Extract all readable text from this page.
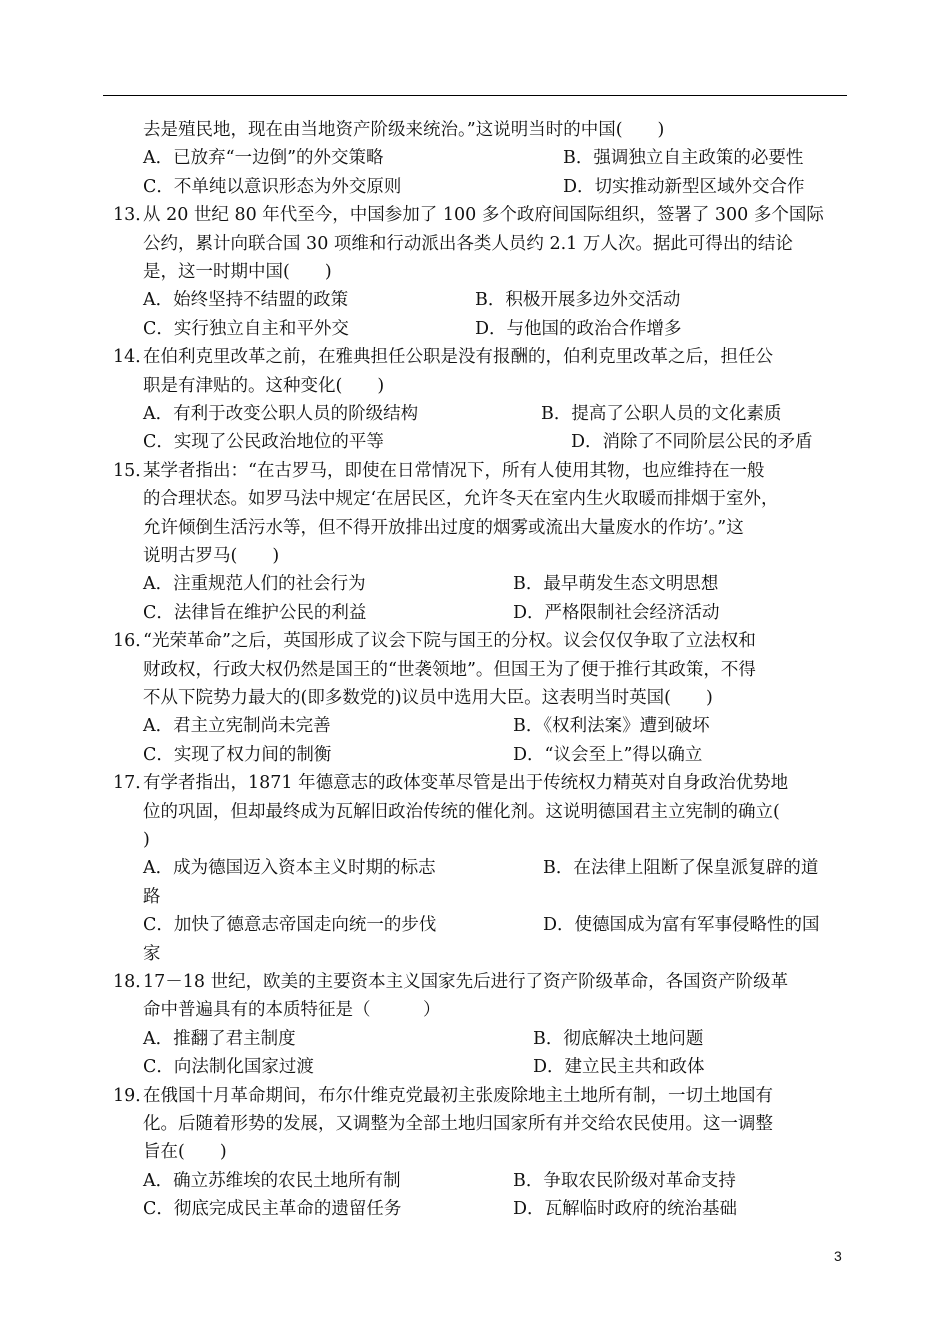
去是殖民地，现在由当地资产阶级来统治。”这说明当时的中国(　　)
A．已放弃“一边倒”的外交策略	B．强调独立自主政策的必要性
C．不单纯以意识形态为外交原则	D．切实推动新型区域外交合作
13．
从 20 世纪 80 年代至今，中国参加了 100 多个政府间国际组织，签署了 300 多个国际
公约，累计向联合国 30 项维和行动派出各类人员约 2.1 万人次。据此可得出的结论
是，这一时期中国(　　)
A．始终坚持不结盟的政策	B．积极开展多边外交活动
C．实行独立自主和平外交	D．与他国的政治合作增多
14．
在伯利克里改革之前，在雅典担任公职是没有报酬的，伯利克里改革之后，担任公
职是有津贴的。这种变化(　　)
A．有利于改变公职人员的阶级结构	B．提高了公职人员的文化素质
C．实现了公民政治地位的平等	D．消除了不同阶层公民的矛盾
15．
某学者指出：“在古罗马，即使在日常情况下，所有人使用其物，也应维持在一般
的合理状态。如罗马法中规定‘在居民区，允许冬天在室内生火取暖而排烟于室外，
允许倾倒生活污水等，但不得开放排出过度的烟雾或流出大量废水的作坊’。”这
说明古罗马(　　)
A．注重规范人们的社会行为	B．最早萌发生态文明思想
C．法律旨在维护公民的利益	D．严格限制社会经济活动
16．
“光荣革命”之后，英国形成了议会下院与国王的分权。议会仅仅争取了立法权和
财政权，行政大权仍然是国王的“世袭领地”。但国王为了便于推行其政策，不得
不从下院势力最大的(即多数党的)议员中选用大臣。这表明当时英国(　　)
A．君主立宪制尚未完善	B．《权利法案》遭到破坏
C．实现了权力间的制衡	D．“议会至上”得以确立
17．
有学者指出，1871 年德意志的政体变革尽管是出于传统权力精英对自身政治优势地
位的巩固，但却最终成为瓦解旧政治传统的催化剂。这说明德国君主立宪制的确立(
)
A．成为德国迈入资本主义时期的标志	B．在法律上阻断了保皇派复辟的道
路
C．加快了德意志帝国走向统一的步伐	D．使德国成为富有军事侵略性的国
家
18．
17－18 世纪，欧美的主要资本主义国家先后进行了资产阶级革命，各国资产阶级革
命中普遍具有的本质特征是（　　　）
A．推翻了君主制度	B．彻底解决土地问题
C．向法制化国家过渡	D．建立民主共和政体
19．
在俄国十月革命期间，布尔什维克党最初主张废除地主土地所有制，一切土地国有
化。后随着形势的发展，又调整为全部土地归国家所有并交给农民使用。这一调整
旨在(　　)
A．确立苏维埃的农民土地所有制	B．争取农民阶级对革命支持
C．彻底完成民主革命的遗留任务	D．瓦解临时政府的统治基础
3
